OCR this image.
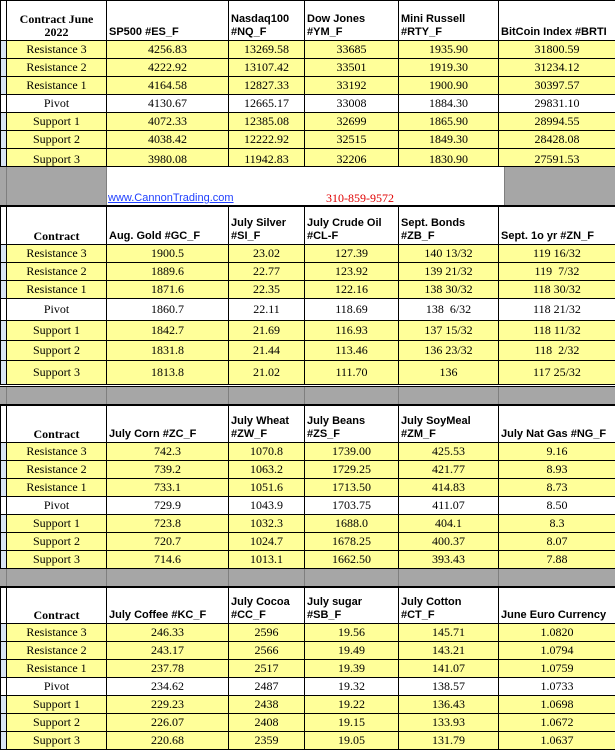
	Contract June 2022	SP500 #ES_F	Nasdaq100 #NQ_F	Dow Jones #YM_F	Mini Russell #RTY_F	BitCoin Index #BRTI
	Resistance 3	4256.83	13269.58	33685	1935.90	31800.59
	Resistance 2	4222.92	13107.42	33501	1919.30	31234.12
	Resistance 1	4164.58	12827.33	33192	1900.90	30397.57
	Pivot	4130.67	12665.17	33008	1884.30	29831.10
	Support 1	4072.33	12385.08	32699	1865.90	28994.55
	Support 2	4038.42	12222.92	32515	1849.30	28428.08
	Support 3	3980.08	11942.83	32206	1830.90	27591.53
	Contract	Aug. Gold #GC_F	July Silver #SI_F	July Crude Oil #CL-F	Sept. Bonds #ZB_F	Sept. 1o yr #ZN_F
	Resistance 3	1900.5	23.02	127.39	140 13/32	119 16/32
	Resistance 2	1889.6	22.77	123.92	139 21/32	119  7/32
	Resistance 1	1871.6	22.35	122.16	138 30/32	118 30/32
	Pivot	1860.7	22.11	118.69	138  6/32	118 21/32
	Support 1	1842.7	21.69	116.93	137 15/32	118 11/32
	Support 2	1831.8	21.44	113.46	136 23/32	118  2/32
	Support 3	1813.8	21.02	111.70	136	117 25/32
	Contract	July Corn #ZC_F	July Wheat #ZW_F	July Beans #ZS_F	July SoyMeal #ZM_F	July Nat Gas #NG_F
	Resistance 3	742.3	1070.8	1739.00	425.53	9.16
	Resistance 2	739.2	1063.2	1729.25	421.77	8.93
	Resistance 1	733.1	1051.6	1713.50	414.83	8.73
	Pivot	729.9	1043.9	1703.75	411.07	8.50
	Support 1	723.8	1032.3	1688.0	404.1	8.3
	Support 2	720.7	1024.7	1678.25	400.37	8.07
	Support 3	714.6	1013.1	1662.50	393.43	7.88
	Contract	July Coffee #KC_F	July Cocoa #CC_F	July sugar #SB_F	July Cotton #CT_F	June Euro Currency
	Resistance 3	246.33	2596	19.56	145.71	1.0820
	Resistance 2	243.17	2566	19.49	143.21	1.0794
	Resistance 1	237.78	2517	19.39	141.07	1.0759
	Pivot	234.62	2487	19.32	138.57	1.0733
	Support 1	229.23	2438	19.22	136.43	1.0698
	Support 2	226.07	2408	19.15	133.93	1.0672
	Support 3	220.68	2359	19.05	131.79	1.0637
www.CannonTrading.com	310-859-9572
